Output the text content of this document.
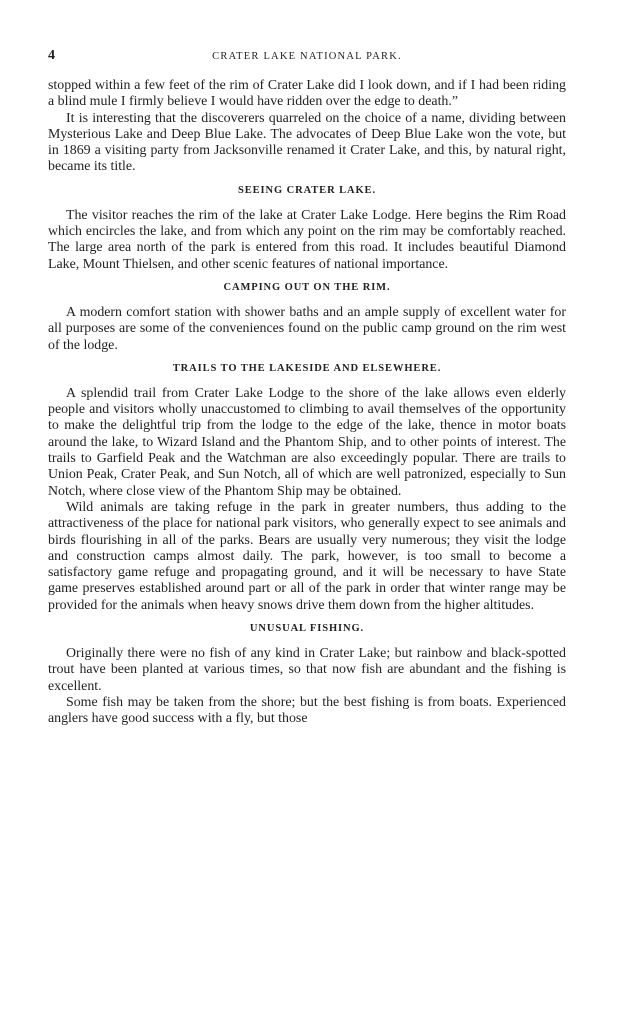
4	CRATER LAKE NATIONAL PARK.

stopped within a few feet of the rim of Crater Lake did I look down, and if I had been riding a blind mule I firmly believe I would have ridden over the edge to death.”

It is interesting that the discoverers quarreled on the choice of a name, dividing between Mysterious Lake and Deep Blue Lake. The advocates of Deep Blue Lake won the vote, but in 1869 a visiting party from Jacksonville renamed it Crater Lake, and this, by natural right, became its title.

SEEING CRATER LAKE.

The visitor reaches the rim of the lake at Crater Lake Lodge. Here begins the Rim Road which encircles the lake, and from which any point on the rim may be comfortably reached. The large area north of the park is entered from this road. It includes beautiful Diamond Lake, Mount Thielsen, and other scenic features of national importance.

CAMPING OUT ON THE RIM.

A modern comfort station with shower baths and an ample supply of excellent water for all purposes are some of the conveniences found on the public camp ground on the rim west of the lodge.

TRAILS TO THE LAKESIDE AND ELSEWHERE.

A splendid trail from Crater Lake Lodge to the shore of the lake allows even elderly people and visitors wholly unaccustomed to climbing to avail themselves of the opportunity to make the delightful trip from the lodge to the edge of the lake, thence in motor boats around the lake, to Wizard Island and the Phantom Ship, and to other points of interest. The trails to Garfield Peak and the Watchman are also exceedingly popular. There are trails to Union Peak, Crater Peak, and Sun Notch, all of which are well patronized, especially to Sun Notch, where close view of the Phantom Ship may be obtained.

Wild animals are taking refuge in the park in greater numbers, thus adding to the attractiveness of the place for national park visitors, who generally expect to see animals and birds flourishing in all of the parks. Bears are usually very numerous; they visit the lodge and construction camps almost daily. The park, however, is too small to become a satisfactory game refuge and propagating ground, and it will be necessary to have State game preserves established around part or all of the park in order that winter range may be provided for the animals when heavy snows drive them down from the higher altitudes.

UNUSUAL FISHING.

Originally there were no fish of any kind in Crater Lake; but rainbow and black-spotted trout have been planted at various times, so that now fish are abundant and the fishing is excellent.

Some fish may be taken from the shore; but the best fishing is from boats. Experienced anglers have good success with a fly, but those
